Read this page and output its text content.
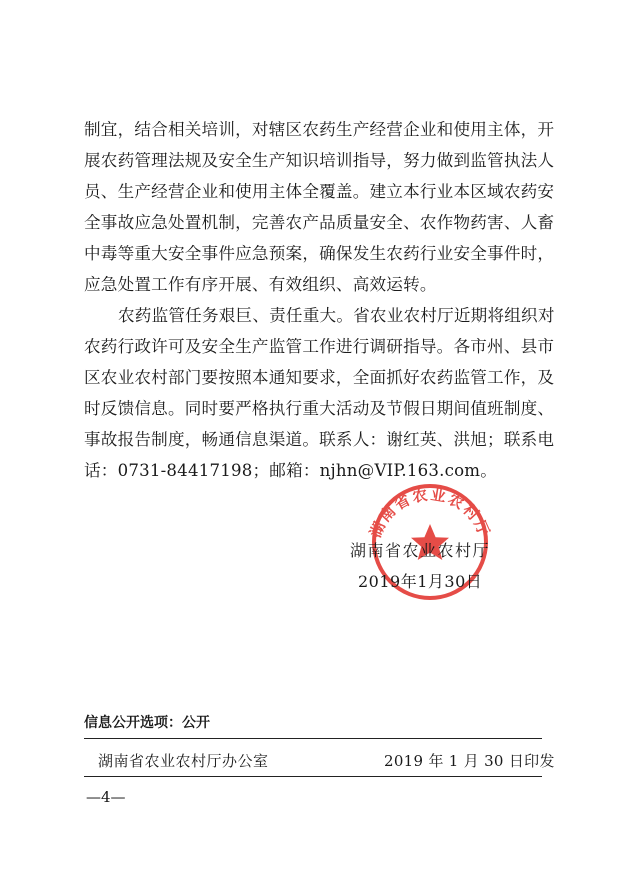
制宜，结合相关培训，对辖区农药生产经营企业和使用主体，开
展农药管理法规及安全生产知识培训指导，努力做到监管执法人
员、生产经营企业和使用主体全覆盖。建立本行业本区域农药安
全事故应急处置机制，完善农产品质量安全、农作物药害、人畜
中毒等重大安全事件应急预案，确保发生农药行业安全事件时，
应急处置工作有序开展、有效组织、高效运转。
农药监管任务艰巨、责任重大。省农业农村厅近期将组织对
农药行政许可及安全生产监管工作进行调研指导。各市州、县市
区农业农村部门要按照本通知要求，全面抓好农药监管工作，及
时反馈信息。同时要严格执行重大活动及节假日期间值班制度、
事故报告制度，畅通信息渠道。联系人：谢红英、洪旭；联系电
话：0731-84417198；邮箱：njhn@VIP.163.com。
湖南省农业农村厅
湖南省农业农村厅
2019年1月30日
信息公开选项：公开
湖南省农业农村厅办公室	2019 年 1 月 30 日印发
—4—
